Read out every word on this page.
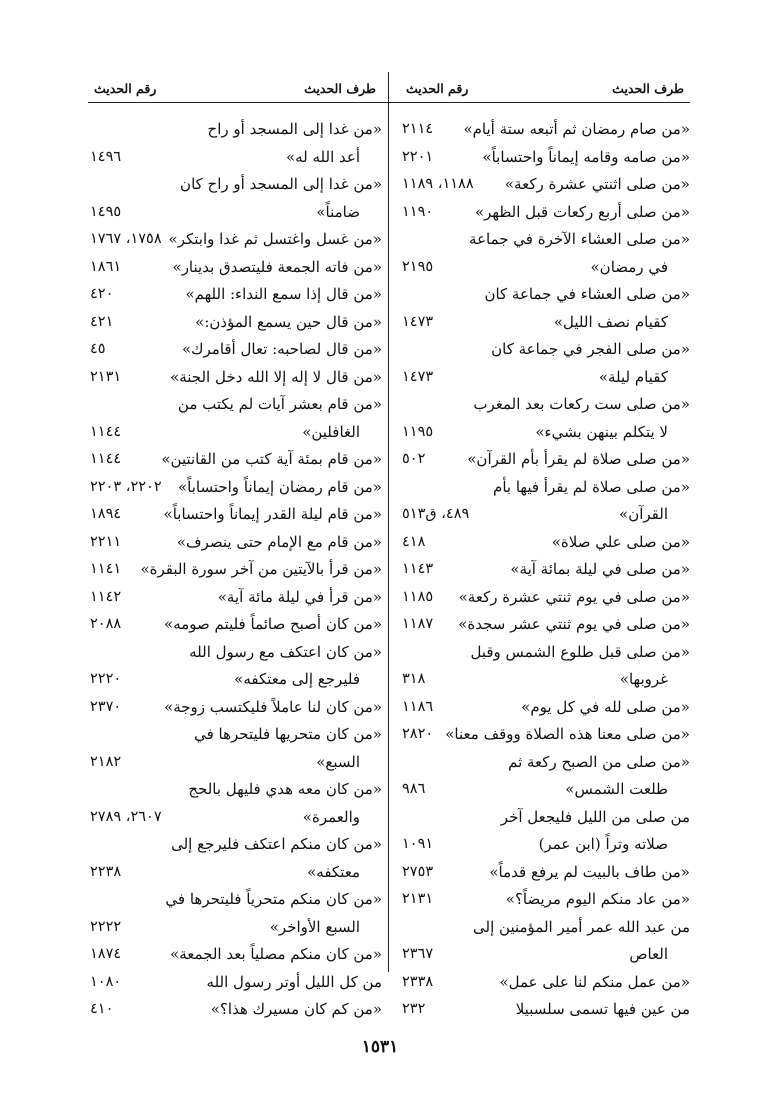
طرف الحديث
رقم الحديث
«من صام رمضان ثم أتبعه ستة أيام»
٢١١٤
«من صامه وقامه إيماناً واحتساباً»
٢٢٠١
«من صلى اثنتي عشرة ركعة»
١١٨٨، ١١٨٩
«من صلى أربع ركعات قبل الظهر»
١١٩٠
«من صلى العشاء الآخرة في جماعة
في رمضان»
٢١٩٥
«من صلى العشاء في جماعة كان
كقيام نصف الليل»
١٤٧٣
«من صلى الفجر في جماعة كان
كقيام ليلة»
١٤٧٣
«من صلى ست ركعات بعد المغرب
لا يتكلم بينهن بشيء»
١١٩٥
«من صلى صلاة لم يقرأ بأم القرآن»
٥٠٢
«من صلى صلاة لم يقرأ فيها بأم
القرآن»
٤٨٩، ق٥١٣
«من صلى علي صلاة»
٤١٨
«من صلى في ليلة بمائة آية»
١١٤٣
«من صلى في يوم ثنتي عشرة ركعة»
١١٨٥
«من صلى في يوم ثنتي عشر سجدة»
١١٨٧
«من صلى قبل طلوع الشمس وقبل
غروبها»
٣١٨
«من صلى لله في كل يوم»
١١٨٦
«من صلى معنا هذه الصلاة ووقف معنا»
٢٨٢٠
«من صلى من الصبح ركعة ثم
طلعت الشمس»
٩٨٦
من صلى من الليل فليجعل آخر
صلاته وتراً (ابن عمر)
١٠٩١
«من طاف بالبيت لم يرفع قدماً»
٢٧٥٣
«من عاد منكم اليوم مريضاً؟»
٢١٣١
من عبد الله عمر أمير المؤمنين إلى
العاص
٢٣٦٧
«من عمل منكم لنا على عمل»
٢٣٣٨
من عين فيها تسمى سلسبيلا
٢٣٢
طرف الحديث
رقم الحديث
«من غدا إلى المسجد أو راح
أعد الله له»
١٤٩٦
«من غدا إلى المسجد أو راح كان
ضامناً»
١٤٩٥
«من غسل واغتسل ثم غدا وابتكر»
١٧٥٨، ١٧٦٧
«من فاته الجمعة فليتصدق بدينار»
١٨٦١
«من قال إذا سمع النداء: اللهم»
٤٢٠
«من قال حين يسمع المؤذن:»
٤٢١
«من قال لصاحبه: تعال أقامرك»
٤٥
«من قال لا إله إلا الله دخل الجنة»
٢١٣١
«من قام بعشر آيات لم يكتب من
الغافلين»
١١٤٤
«من قام بمئة آية كتب من القانتين»
١١٤٤
«من قام رمضان إيماناً واحتساباً»
٢٢٠٢، ٢٢٠٣
«من قام ليلة القدر إيماناً واحتساباً»
١٨٩٤
«من قام مع الإمام حتى ينصرف»
٢٢١١
«من قرأ بالآيتين من آخر سورة البقرة»
١١٤١
«من قرأ في ليلة مائة آية»
١١٤٢
«من كان أصبح صائماً فليتم صومه»
٢٠٨٨
«من كان اعتكف مع رسول الله
فليرجع إلى معتكفه»
٢٢٢٠
«من كان لنا عاملاً فليكتسب زوجة»
٢٣٧٠
«من كان متحريها فليتحرها في
السبع»
٢١٨٢
«من كان معه هدي فليهل بالحج
والعمرة»
٢٦٠٧، ٢٧٨٩
«من كان منكم اعتكف فليرجع إلى
معتكفه»
٢٢٣٨
«من كان منكم متحرياً فليتحرها في
السبع الأواخر»
٢٢٢٢
«من كان منكم مصلياً بعد الجمعة»
١٨٧٤
من كل الليل أوتر رسول الله
١٠٨٠
«من كم كان مسيرك هذا؟»
٤١٠
١٥٣١
